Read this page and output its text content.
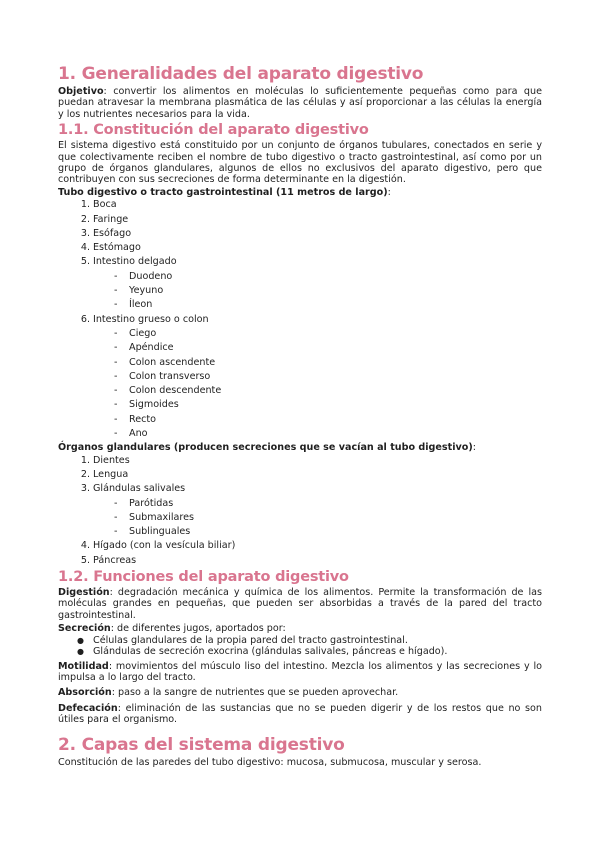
1. Generalidades del aparato digestivo

Objetivo: convertir los alimentos en moléculas lo suficientemente pequeñas como para que puedan atravesar la membrana plasmática de las células y así proporcionar a las células la energía y los nutrientes necesarios para la vida.

1.1. Constitución del aparato digestivo

El sistema digestivo está constituido por un conjunto de órganos tubulares, conectados en serie y que colectivamente reciben el nombre de tubo digestivo o tracto gastrointestinal, así como por un grupo de órganos glandulares, algunos de ellos no exclusivos del aparato digestivo, pero que contribuyen con sus secreciones de forma determinante en la digestión.

Tubo digestivo o tracto gastrointestinal (11 metros de largo):

1. Boca
2. Faringe
3. Esófago
4. Estómago
5. Intestino delgado
- Duodeno
- Yeyuno
- Íleon
6. Intestino grueso o colon
- Ciego
- Apéndice
- Colon ascendente
- Colon transverso
- Colon descendente
- Sigmoides
- Recto
- Ano

Órganos glandulares (producen secreciones que se vacían al tubo digestivo):

1. Dientes
2. Lengua
3. Glándulas salivales
- Parótidas
- Submaxilares
- Sublinguales
4. Hígado (con la vesícula biliar)
5. Páncreas
1.2. Funciones del aparato digestivo

Digestión: degradación mecánica y química de los alimentos. Permite la transformación de las moléculas grandes en pequeñas, que pueden ser absorbidas a través de la pared del tracto gastrointestinal.

Secreción: de diferentes jugos, aportados por:

● Células glandulares de la propia pared del tracto gastrointestinal.
● Glándulas de secreción exocrina (glándulas salivales, páncreas e hígado).

Motilidad: movimientos del músculo liso del intestino. Mezcla los alimentos y las secreciones y lo impulsa a lo largo del tracto.

Absorción: paso a la sangre de nutrientes que se pueden aprovechar.

Defecación: eliminación de las sustancias que no se pueden digerir y de los restos que no son útiles para el organismo.

2. Capas del sistema digestivo

Constitución de las paredes del tubo digestivo: mucosa, submucosa, muscular y serosa.
